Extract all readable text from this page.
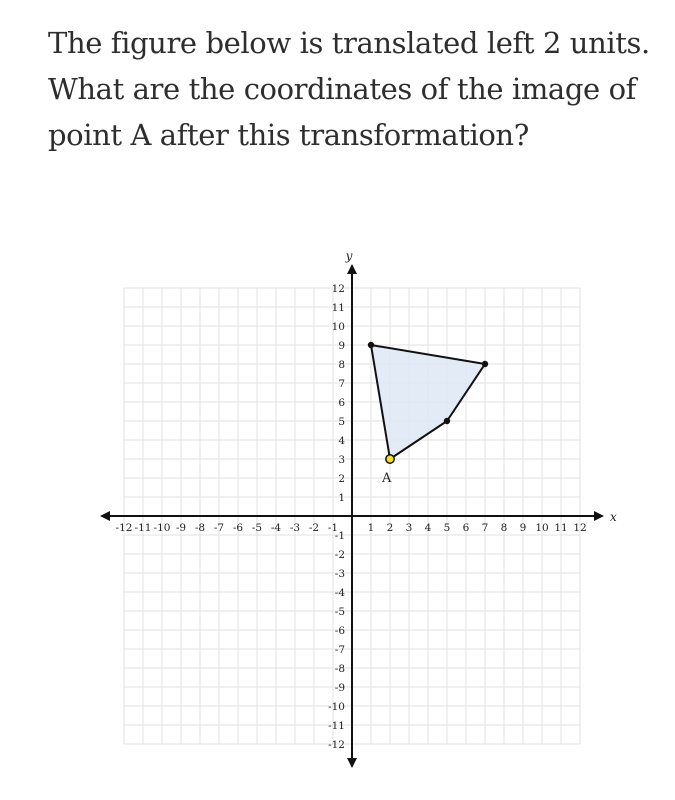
The figure below is translated left 2 units. What are the coordinates of the image of point A after this transformation?

x
y
-12
-12
-11
-11
-10
-10
-9
-9
-8
-8
-7
-7
-6
-6
-5
-5
-4
-4
-3
-3
-2
-2
-1
-1
1
1
2
2
3
3
4
4
5
5
6
6
7
7
8
8
9
9
10
10
11
11
12
12
A
